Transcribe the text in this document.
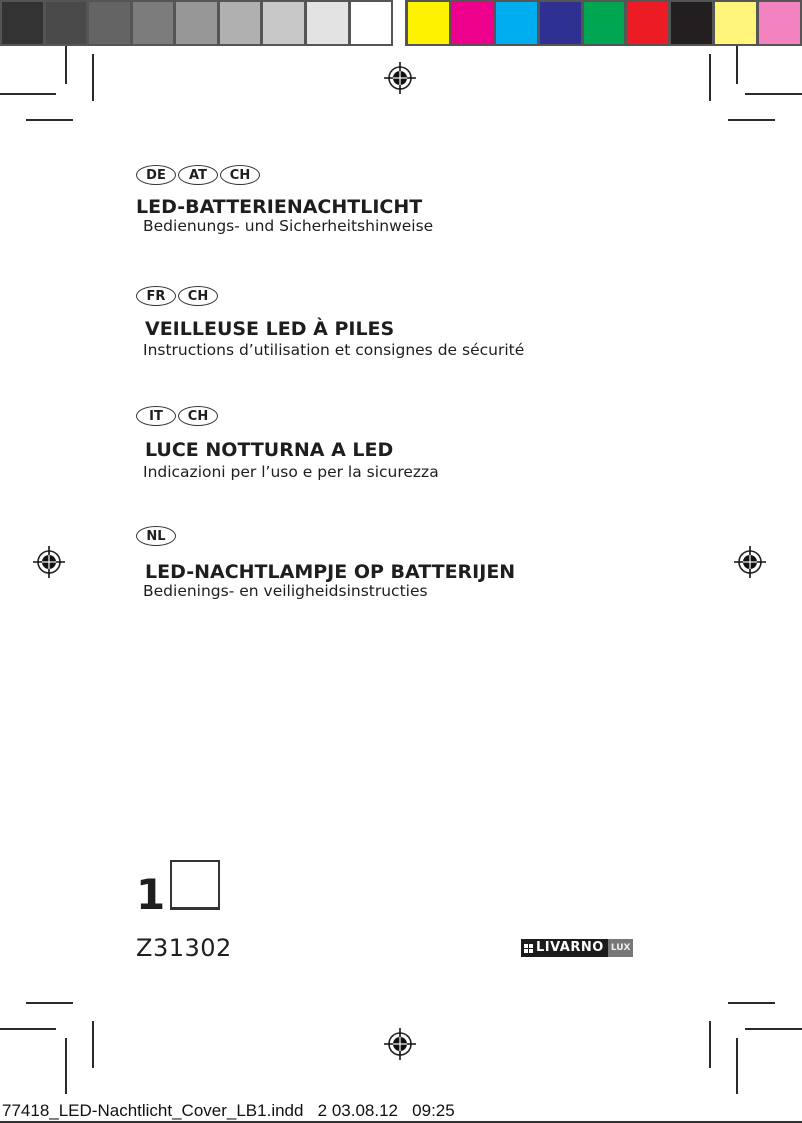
DE	AT	CH
LED-BATTERIENACHTLICHT
Bedienungs- und Sicherheitshinweise
FR	CH
VEILLEUSE LED À PILES
Instructions d’utilisation et consignes de sécurité
IT	CH
LUCE NOTTURNA A LED
Indicazioni per l’uso e per la sicurezza
NL
LED-NACHTLAMPJE OP BATTERIJEN
Bedienings- en veiligheidsinstructies
1
Z31302	LIVARNO LUX
77418_LED-Nachtlicht_Cover_LB1.indd   2 03.08.12   09:25
